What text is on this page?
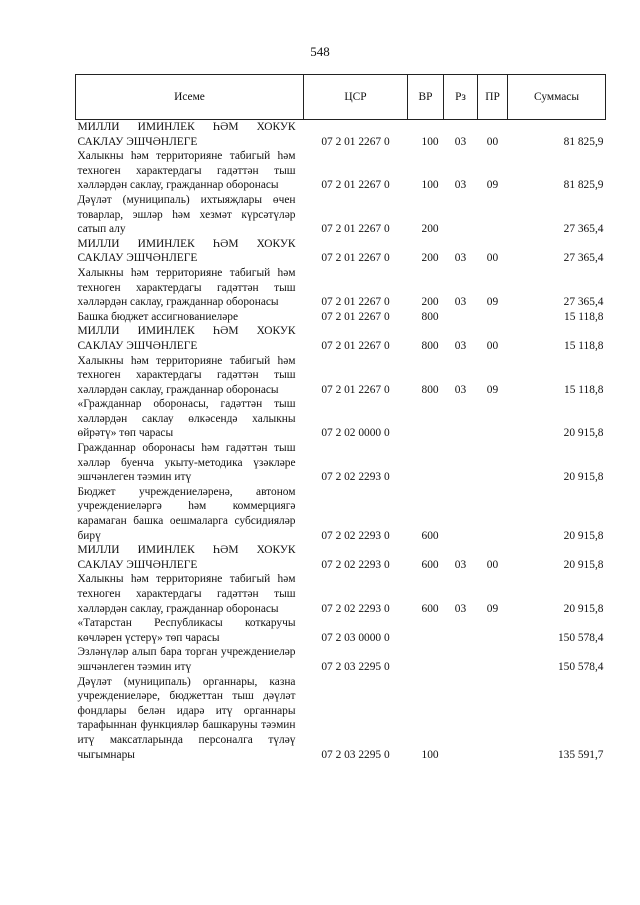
548
Исеме	ЦСР	ВР	Рз	ПР	Суммасы
МИЛЛИ ИМИНЛЕК ҺӘМ ХОКУК САКЛАУ ЭШЧӘНЛЕГЕ	07 2 01 2267 0	100	03	00	81 825,9
Халыкны һәм территорияне табигый һәм техноген характердагы гадәттән тыш хәлләрдән саклау, гражданнар оборонасы	07 2 01 2267 0	100	03	09	81 825,9
Дәүләт (муниципаль) ихтыяҗлары өчен товарлар, эшләр һәм хезмәт күрсәтүләр сатып алу	07 2 01 2267 0	200			27 365,4
МИЛЛИ ИМИНЛЕК ҺӘМ ХОКУК САКЛАУ ЭШЧӘНЛЕГЕ	07 2 01 2267 0	200	03	00	27 365,4
Халыкны һәм территорияне табигый һәм техноген характердагы гадәттән тыш хәлләрдән саклау, гражданнар оборонасы	07 2 01 2267 0	200	03	09	27 365,4
Башка бюджет ассигнованиеләре	07 2 01 2267 0	800			15 118,8
МИЛЛИ ИМИНЛЕК ҺӘМ ХОКУК САКЛАУ ЭШЧӘНЛЕГЕ	07 2 01 2267 0	800	03	00	15 118,8
Халыкны һәм территорияне табигый һәм техноген характердагы гадәттән тыш хәлләрдән саклау, гражданнар оборонасы	07 2 01 2267 0	800	03	09	15 118,8
«Гражданнар оборонасы, гадәттән тыш хәлләрдән саклау өлкәсендә халыкны өйрәтү» төп чарасы	07 2 02 0000 0				20 915,8
Гражданнар оборонасы һәм гадәттән тыш хәлләр буенча укыту-методика үзәкләре эшчәнлеген тәэмин итү	07 2 02 2293 0				20 915,8
Бюджет учреждениеләренә, автоном учреждениеләргә һәм коммерциягә карамаган башка оешмаларга субсидияләр бирү	07 2 02 2293 0	600			20 915,8
МИЛЛИ ИМИНЛЕК ҺӘМ ХОКУК САКЛАУ ЭШЧӘНЛЕГЕ	07 2 02 2293 0	600	03	00	20 915,8
Халыкны һәм территорияне табигый һәм техноген характердагы гадәттән тыш хәлләрдән саклау, гражданнар оборонасы	07 2 02 2293 0	600	03	09	20 915,8
«Татарстан Республикасы коткаручы көчләрен үстерү» төп чарасы	07 2 03 0000 0				150 578,4
Эзләнүләр алып бара торган учреждениеләр эшчәнлеген тәэмин итү	07 2 03 2295 0				150 578,4
Дәүләт (муниципаль) органнары, казна учреждениеләре, бюджеттан тыш дәүләт фондлары белән идарә итү органнары тарафыннан функцияләр башкаруны тәэмин итү максатларында персоналга түләү чыгымнары	07 2 03 2295 0	100			135 591,7
